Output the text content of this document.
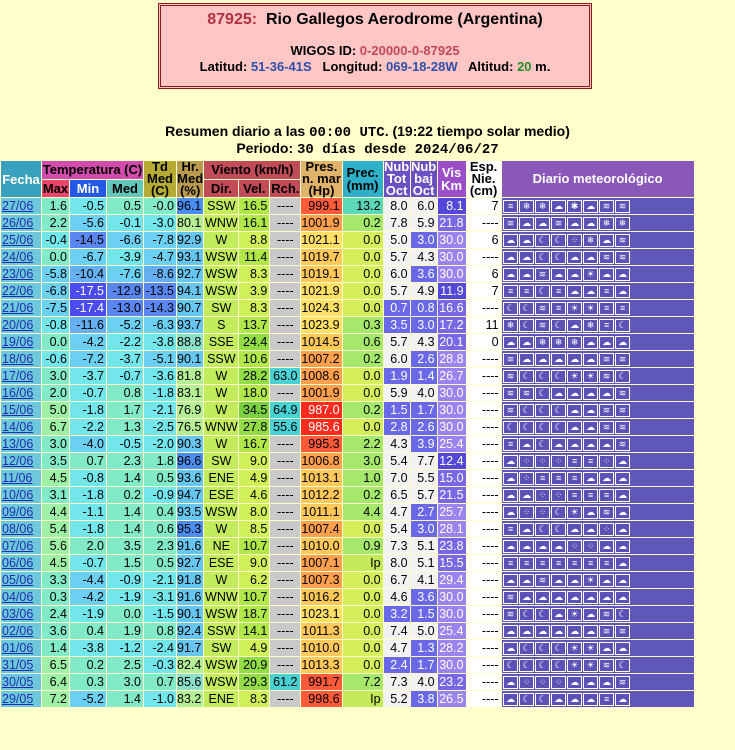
87925: Rio Gallegos Aerodrome (Argentina)
WIGOS ID: 0-20000-0-87925
Latitud: 51-36-41S Longitud: 069-18-28W Altitud: 20 m.
Resumen diario a las 00:00 UTC. (19:22 tiempo solar medio)
Periodo: 30 días desde 2024/06/27
Fecha	Temperatura (C)			Td Med (C)	Hr. Med (%)	Viento (km/h)			Pres. n. mar (Hp)	Prec. (mm)	Nub Tot Oct	Nub baj Oct	Vis Km	Esp. Nie. (cm)	Diario meteorológico
	Max	Min	Med			Dir.	Vel.	Rch.							
27/06	1.6	-0.5	0.5	-0.0	96.1	SSW	16.5	----	999.1	13.2	8.0	6.0	8.1	7	≡ ❄ ❄ ☁ ✱ ☁ ≋ ≋
26/06	2.2	-5.6	-0.1	-3.0	80.1	WNW	16.1	----	1001.9	0.2	7.8	5.9	21.8	----	≋ ☁ ☁ ≋ ☁ ☁ ❄ ❄
25/06	-0.4	-14.5	-6.6	-7.8	92.9	W	8.8	----	1021.1	0.0	5.0	3.0	30.0	6	☁ ☁ ☾ ☾ ⁘ ❄ ☁ ≋
24/06	0.0	-6.7	-3.9	-4.7	93.1	WSW	11.4	----	1019.7	0.0	5.7	4.3	30.0	----	☁ ☁ ☾ ☾ ☁ ☁ ≋ ≋
23/06	-5.8	-10.4	-7.6	-8.6	92.7	WSW	8.3	----	1019.1	0.0	6.0	3.6	30.0	6	☁ ☁ ≋ ☁ ☁ ☀ ☁ ☁
22/06	-6.8	-17.5	-12.9	-13.5	94.1	WSW	3.9	----	1021.9	0.0	5.7	4.9	11.9	7	≡ ≡ ☾ ≡ ☁ ☁ ≡ ☁
21/06	-7.5	-17.4	-13.0	-14.3	90.7	SW	8.3	----	1024.3	0.0	0.7	0.8	16.6	----	☾ ☾ ≋ ≡ ☀ ☀ ≡ ≡
20/06	-0.8	-11.6	-5.2	-6.3	93.7	S	13.7	----	1023.9	0.3	3.5	3.0	17.2	11	❄ ☾ ≋ ☾ ☁ ❄ ≡ ☾
19/06	0.0	-4.2	-2.2	-3.8	88.8	SSE	24.4	----	1014.5	0.6	5.7	4.3	20.1	0	☁ ☁ ❄ ❄ ❄ ☁ ☁ ☁
18/06	-0.6	-7.2	-3.7	-5.1	90.1	SSW	10.6	----	1007.2	0.2	6.0	2.6	28.8	----	≋ ☁ ☁ ☁ ☁ ☁ ≋ ≋
17/06	3.0	-3.7	-0.7	-3.6	81.8	W	28.2	63.0	1008.6	0.0	1.9	1.4	26.7	----	≋ ☾ ☾ ☾ ☀ ☀ ≋ ☾
16/06	2.0	-0.7	0.8	-1.8	83.1	W	18.0	----	1001.9	0.0	5.9	4.0	30.0	----	≋ ≋ ☾ ☁ ☁ ☁ ☁ ≋
15/06	5.0	-1.8	1.7	-2.1	76.9	W	34.5	64.9	987.0	0.2	1.5	1.7	30.0	----	≋ ☾ ☾ ☾ ☁ ☁ ≋ ≋
14/06	6.7	-2.2	1.3	-2.5	76.5	WNW	27.8	55.6	985.6	0.0	2.8	2.6	30.0	----	☾ ☾ ☾ ☾ ☁ ☁ ≋ ≋
13/06	3.0	-4.0	-0.5	-2.0	90.3	W	16.7	----	995.3	2.2	4.3	3.9	25.4	----	≡ ☁ ☾ ☁ ☁ ☁ ☁ ≋
12/06	3.5	0.7	2.3	1.8	96.6	SW	9.0	----	1006.8	3.0	5.4	7.7	12.4	----	☁ ⁘ ⁘ ⁘ ≡ ≡ ⁘ ☁
11/06	4.5	-0.8	1.4	0.5	93.6	ENE	4.9	----	1013.1	1.0	7.0	5.5	15.0	----	☁ ⁘ ≡ ≡ ≡ ☁ ☁ ☁
10/06	3.1	-1.8	0.2	-0.9	94.7	ESE	4.6	----	1012.2	0.2	6.5	5.7	21.5	----	☁ ☁ ⁘ ⁘ ≡ ≡ ≡ ☁
09/06	4.4	-1.1	1.4	0.4	93.5	WSW	8.0	----	1011.1	4.4	4.7	2.7	25.7	----	☁ ⁘ ⁘ ☾ ☀ ☁ ≋ ☁
08/06	5.4	-1.8	1.4	0.6	95.3	W	8.5	----	1007.4	0.0	5.4	3.0	28.1	----	≡ ☁ ☾ ☾ ☁ ☁ ⁘ ☁
07/06	5.6	2.0	3.5	2.3	91.6	NE	10.7	----	1010.0	0.9	7.3	5.1	23.8	----	☁ ☁ ☁ ☁ ⁘ ⁘ ☁ ☁
06/06	4.5	-0.7	1.5	0.5	92.7	ESE	9.0	----	1007.1	Ip	8.0	5.1	15.5	----	≡ ≡ ≡ ≡ ≡ ≡ ≡ ☁
05/06	3.3	-4.4	-0.9	-2.1	91.8	W	6.2	----	1007.3	0.0	6.7	4.1	29.4	----	☁ ☁ ≋ ☁ ☁ ☀ ☁ ☁
04/06	0.3	-4.2	-1.9	-3.1	91.6	WNW	10.7	----	1016.2	0.0	4.6	3.6	30.0	----	≋ ☁ ☁ ☁ ☁ ☁ ☁ ☁
03/06	2.4	-1.9	0.0	-1.5	90.1	WSW	18.7	----	1023.1	0.0	3.2	1.5	30.0	----	≋ ☾ ☾ ☁ ☀ ☁ ≋ ☾
02/06	3.6	0.4	1.9	0.8	92.4	SSW	14.1	----	1011.3	0.0	7.4	5.0	25.4	----	☁ ☁ ☁ ☁ ☁ ☁ ≋ ≋
01/06	1.4	-3.8	-1.2	-2.4	91.7	SW	4.9	----	1010.0	0.0	4.7	1.3	28.2	----	☁ ☾ ☾ ☾ ☀ ☀ ☁ ☁
31/05	6.5	0.2	2.5	-0.3	82.4	WSW	20.9	----	1013.3	0.0	2.4	1.7	30.0	----	☾ ☾ ☾ ☾ ☀ ☀ ≋ ☾
30/05	6.4	0.3	3.0	0.7	85.6	WSW	29.3	61.2	991.7	7.2	7.3	4.0	23.2	----	☁ ⁘ ⁘ ⁘ ☁ ☁ ☁ ≋
29/05	7.2	-5.2	1.4	-1.0	83.2	ENE	8.3	----	998.6	Ip	5.2	3.8	26.5	----	☁ ☾ ☾ ☁ ☁ ☁ ≡ ☁
